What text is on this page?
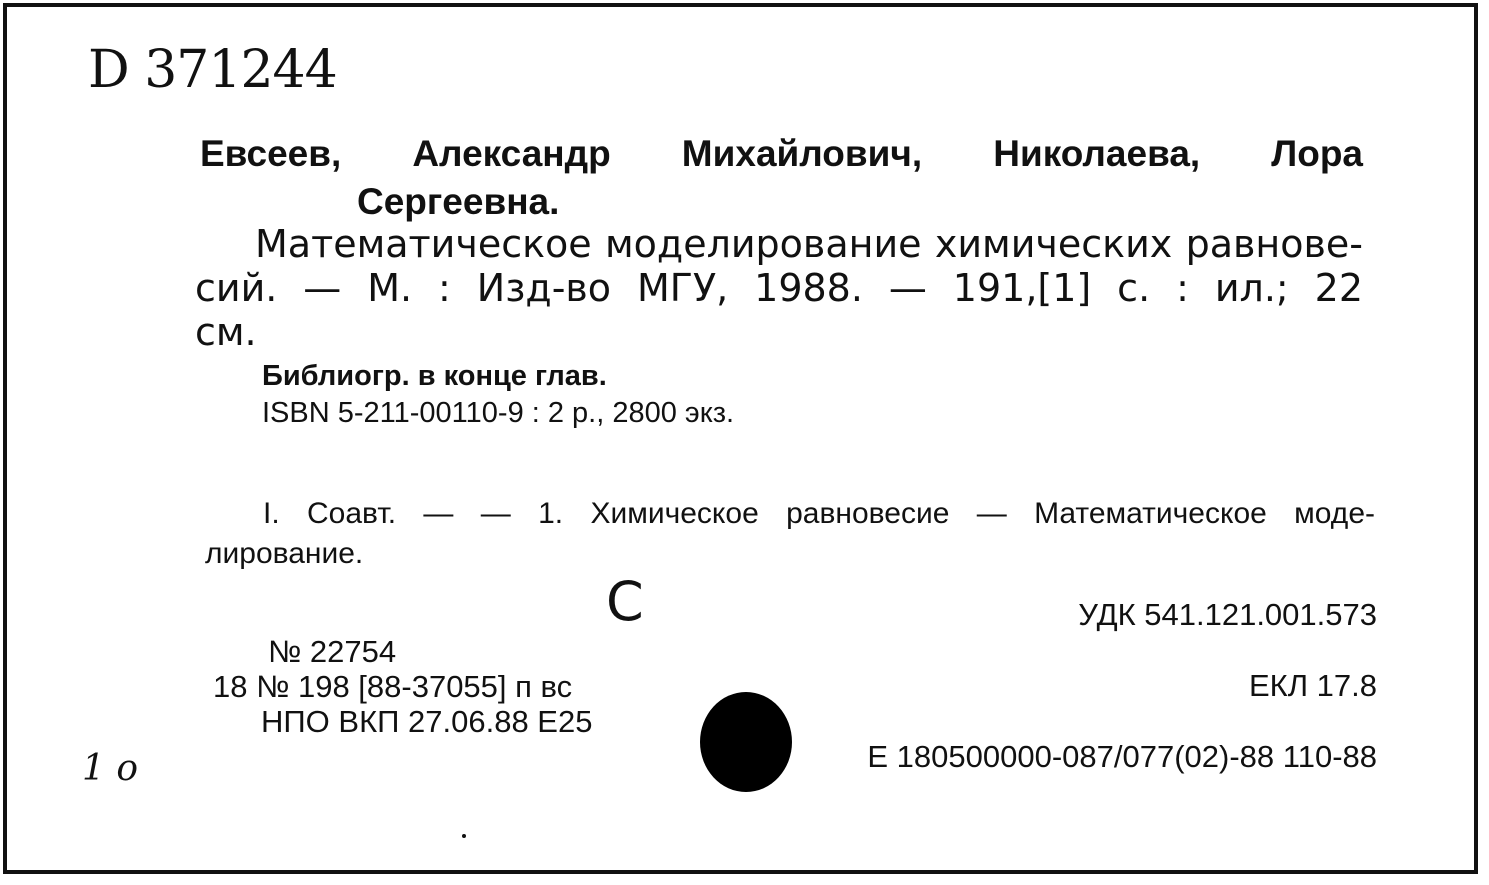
D 371244
Евсеев, Александр Михайлович, Николаева, Лора
Сергеевна.
Математическое моделирование химических равнове-
сий. — М. : Изд-во МГУ, 1988. — 191,[1] с. : ил.; 22
см.
Библиогр. в конце глав.
ISBN 5-211-00110-9 : 2 р., 2800 экз.
I. Соавт. — — 1. Химическое равновесие — Математическое моде-
лирование.
С
№ 22754
18 № 198 [88-37055] п вс
НПО ВКП 27.06.88 Е25
УДК 541.121.001.573
ЕКЛ 17.8
Е 180500000-087/077(02)-88 110-88
1 о
